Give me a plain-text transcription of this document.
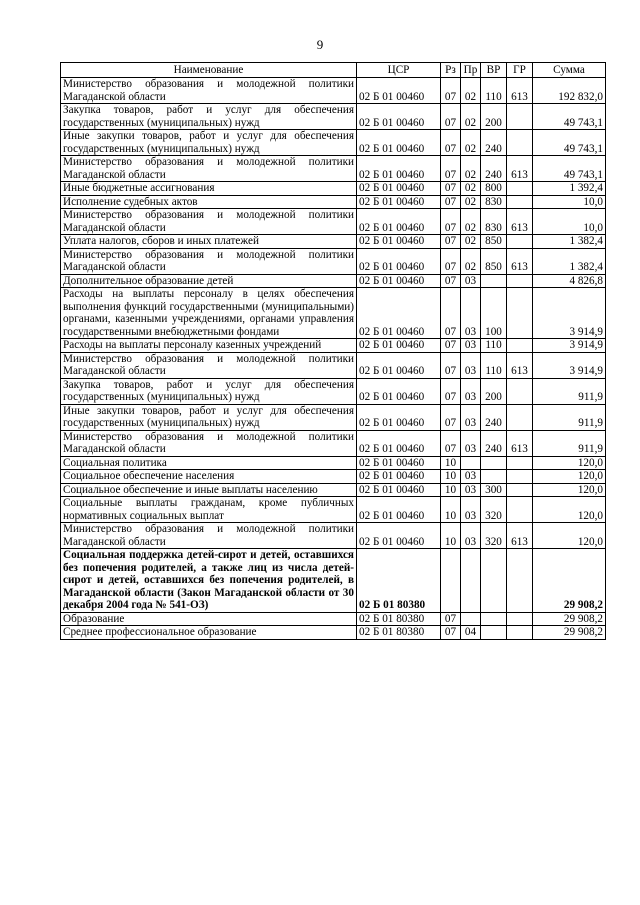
9
Наименование	ЦСР	Рз	Пр	ВР	ГР	Сумма
Министерство образования и молодежной политики Магаданской области	02 Б 01 00460	07	02	110	613	192 832,0
Закупка товаров, работ и услуг для обеспечения государственных (муниципальных) нужд	02 Б 01 00460	07	02	200		49 743,1
Иные закупки товаров, работ и услуг для обеспечения государственных (муниципальных) нужд	02 Б 01 00460	07	02	240		49 743,1
Министерство образования и молодежной политики Магаданской области	02 Б 01 00460	07	02	240	613	49 743,1
Иные бюджетные ассигнования	02 Б 01 00460	07	02	800		1 392,4
Исполнение судебных актов	02 Б 01 00460	07	02	830		10,0
Министерство образования и молодежной политики Магаданской области	02 Б 01 00460	07	02	830	613	10,0
Уплата налогов, сборов и иных платежей	02 Б 01 00460	07	02	850		1 382,4
Министерство образования и молодежной политики Магаданской области	02 Б 01 00460	07	02	850	613	1 382,4
Дополнительное образование детей	02 Б 01 00460	07	03			4 826,8
Расходы на выплаты персоналу в целях обеспечения выполнения функций государственными (муниципальными) органами, казенными учреждениями, органами управления государственными внебюджетными фондами	02 Б 01 00460	07	03	100		3 914,9
Расходы на выплаты персоналу казенных учреждений	02 Б 01 00460	07	03	110		3 914,9
Министерство образования и молодежной политики Магаданской области	02 Б 01 00460	07	03	110	613	3 914,9
Закупка товаров, работ и услуг для обеспечения государственных (муниципальных) нужд	02 Б 01 00460	07	03	200		911,9
Иные закупки товаров, работ и услуг для обеспечения государственных (муниципальных) нужд	02 Б 01 00460	07	03	240		911,9
Министерство образования и молодежной политики Магаданской области	02 Б 01 00460	07	03	240	613	911,9
Социальная политика	02 Б 01 00460	10				120,0
Социальное обеспечение населения	02 Б 01 00460	10	03			120,0
Социальное обеспечение и иные выплаты населению	02 Б 01 00460	10	03	300		120,0
Социальные выплаты гражданам, кроме публичных нормативных социальных выплат	02 Б 01 00460	10	03	320		120,0
Министерство образования и молодежной политики Магаданской области	02 Б 01 00460	10	03	320	613	120,0
Социальная поддержка детей-сирот и детей, оставшихся без попечения родителей, а также лиц из числа детей-сирот и детей, оставшихся без попечения родителей, в Магаданской области (Закон Магаданской области от 30 декабря 2004 года № 541-ОЗ)	02 Б 01 80380					29 908,2
Образование	02 Б 01 80380	07				29 908,2
Среднее профессиональное образование	02 Б 01 80380	07	04			29 908,2
